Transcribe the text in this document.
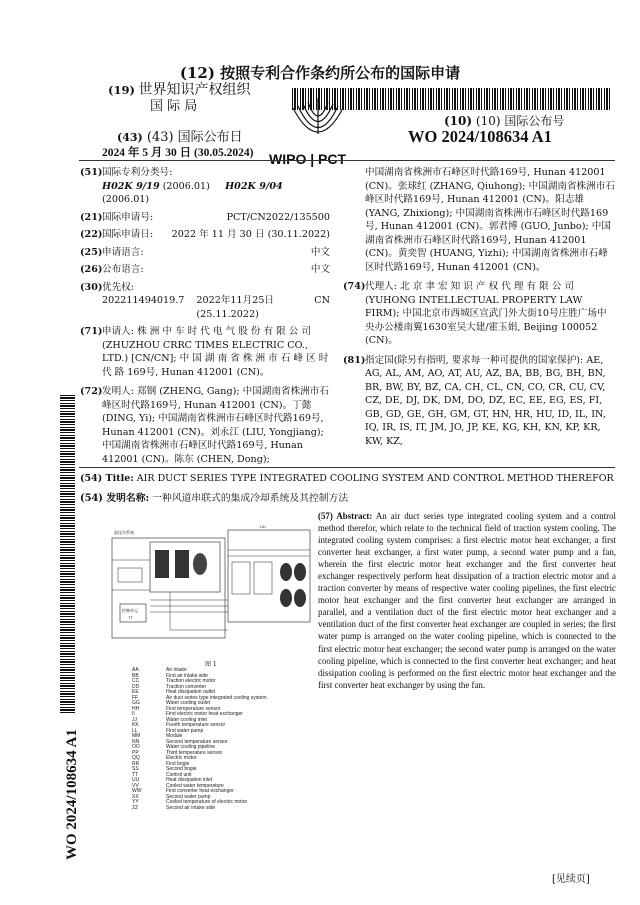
(12) 按照专利合作条约所公布的国际申请
(19) 世界知识产权组织
国 际 局
(43) (43) 国际公布日
2024 年 5 月 30 日 (30.05.2024) WIPO | PCT
(10) (10) 国际公布号
WO 2024/108634 A1
(51) 国际专利分类号:
H02K 9/19 (2006.01) H02K 9/04 (2006.01)
(21) 国际申请号:	PCT/CN2022/135500
(22) 国际申请日: 2022 年 11 月 30 日 (30.11.2022)
(25) 申请语言:	中文
(26) 公布语言:	中文
(30) 优先权:
202211494019.7 2022年11月25日 (25.11.2022)
CN
(71) 申请人: 株 洲 中 车 时 代 电 气 股 份 有 限 公 司(ZHUZHOU CRRC TIMES ELECTRIC CO., LTD.) [CN/CN]; 中 国 湖 南 省 株 洲 市 石 峰 区 时 代 路 169号, Hunan 412001 (CN)。
(72) 发明人: 郑钢 (ZHENG, Gang); 中国湖南省株洲市石峰区时代路169号, Hunan 412001 (CN)。丁懿 (DING, Yi); 中国湖南省株洲市石峰区时代路169号, Hunan 412001 (CN)。刘永江 (LIU, Yongjiang); 中国湖南省株洲市石峰区时代路169号, Hunan 412001 (CN)。陈东 (CHEN, Dong);
中国湖南省株洲市石峰区时代路169号, Hunan 412001 (CN)。张球红 (ZHANG, Qiuhong); 中国湖南省株洲市石峰区时代路169号, Hunan 412001 (CN)。阳志雄 (YANG, Zhixiong); 中国湖南省株洲市石峰区时代路169号, Hunan 412001 (CN)。郭君博 (GUO, Junbo); 中国湖南省株洲市石峰区时代路169号, Hunan 412001 (CN)。黄奕智 (HUANG, Yizhi); 中国湖南省株洲市石峰区时代路169号, Hunan 412001 (CN)。
(74) 代理人: 北 京 聿 宏 知 识 产 权 代 理 有 限 公 司 (YUHONG INTELLECTUAL PROPERTY LAW FIRM); 中国北京市西城区宣武门外大街10号庄胜广场中央办公楼南翼1630室吴大建/霍玉娟, Beijing 100052 (CN)。
(81) 指定国(除另有指明, 要求每一种可提供的国家保护): AE, AG, AL, AM, AO, AT, AU, AZ, BA, BB, BG, BH, BN, BR, BW, BY, BZ, CA, CH, CL, CN, CO, CR, CU, CV, CZ, DE, DJ, DK, DM, DO, DZ, EC, EE, EG, ES, FI, GB, GD, GE, GH, GM, GT, HN, HR, HU, ID, IL, IN, IQ, IR, IS, IT, JM, JO, JP, KE, KG, KH, KN, KP, KR, KW, KZ,
(54) Title: AIR DUCT SERIES TYPE INTEGRATED COOLING SYSTEM AND CONTROL METHOD THEREFOR
(54) 发明名称: 一种风道串联式的集成冷却系统及其控制方法
控制单元
TT
最佳冷系统
UU
图 1
AA	Air intake
BB	First air intake side
CC	Traction electric motor
DD	Traction converter
EE	Heat dissipation outlet
FF	Air duct series type integrated cooling system
GG	Water cooling outlet
HH	First temperature sensor
II	First electric motor heat exchanger
JJ	Water cooling inlet
KK	Fourth temperature sensor
LL	First water pump
MM	Module
NN	Second temperature sensor
OO	Water cooling pipeline
PP	Third temperature sensor
QQ	Electric motor
RR	First bogie
SS	Second bogie
TT	Control unit
UU	Heat dissipation inlet
VV	Cooled water temperature
WW	First converter heat exchanger
XX	Second water pump
YY	Cooled temperature of electric motor
ZZ	Second air intake side
(57) Abstract: An air duct series type integrated cooling system and a control method therefor, which relate to the technical field of traction system cooling. The integrated cooling system comprises: a first electric motor heat exchanger, a first converter heat exchanger, a first water pump, a second water pump and a fan, wherein the first electric motor heat exchanger and the first converter heat exchanger respectively perform heat dissipation of a traction electric motor and a traction converter by means of respective water cooling pipelines, the first electric motor heat exchanger and the first converter heat exchanger are arranged in parallel, and a ventilation duct of the first electric motor heat exchanger and a ventilation duct of the first converter heat exchanger are coupled in series; the first water pump is arranged on the water cooling pipeline, which is connected to the first electric motor heat exchanger; the second water pump is arranged on the water cooling pipeline, which is connected to the first converter heat exchanger; and heat dissipation cooling is performed on the first electric motor heat exchanger and the first converter heat exchanger by using the fan.
WO 2024/108634 A1
[见续页]
